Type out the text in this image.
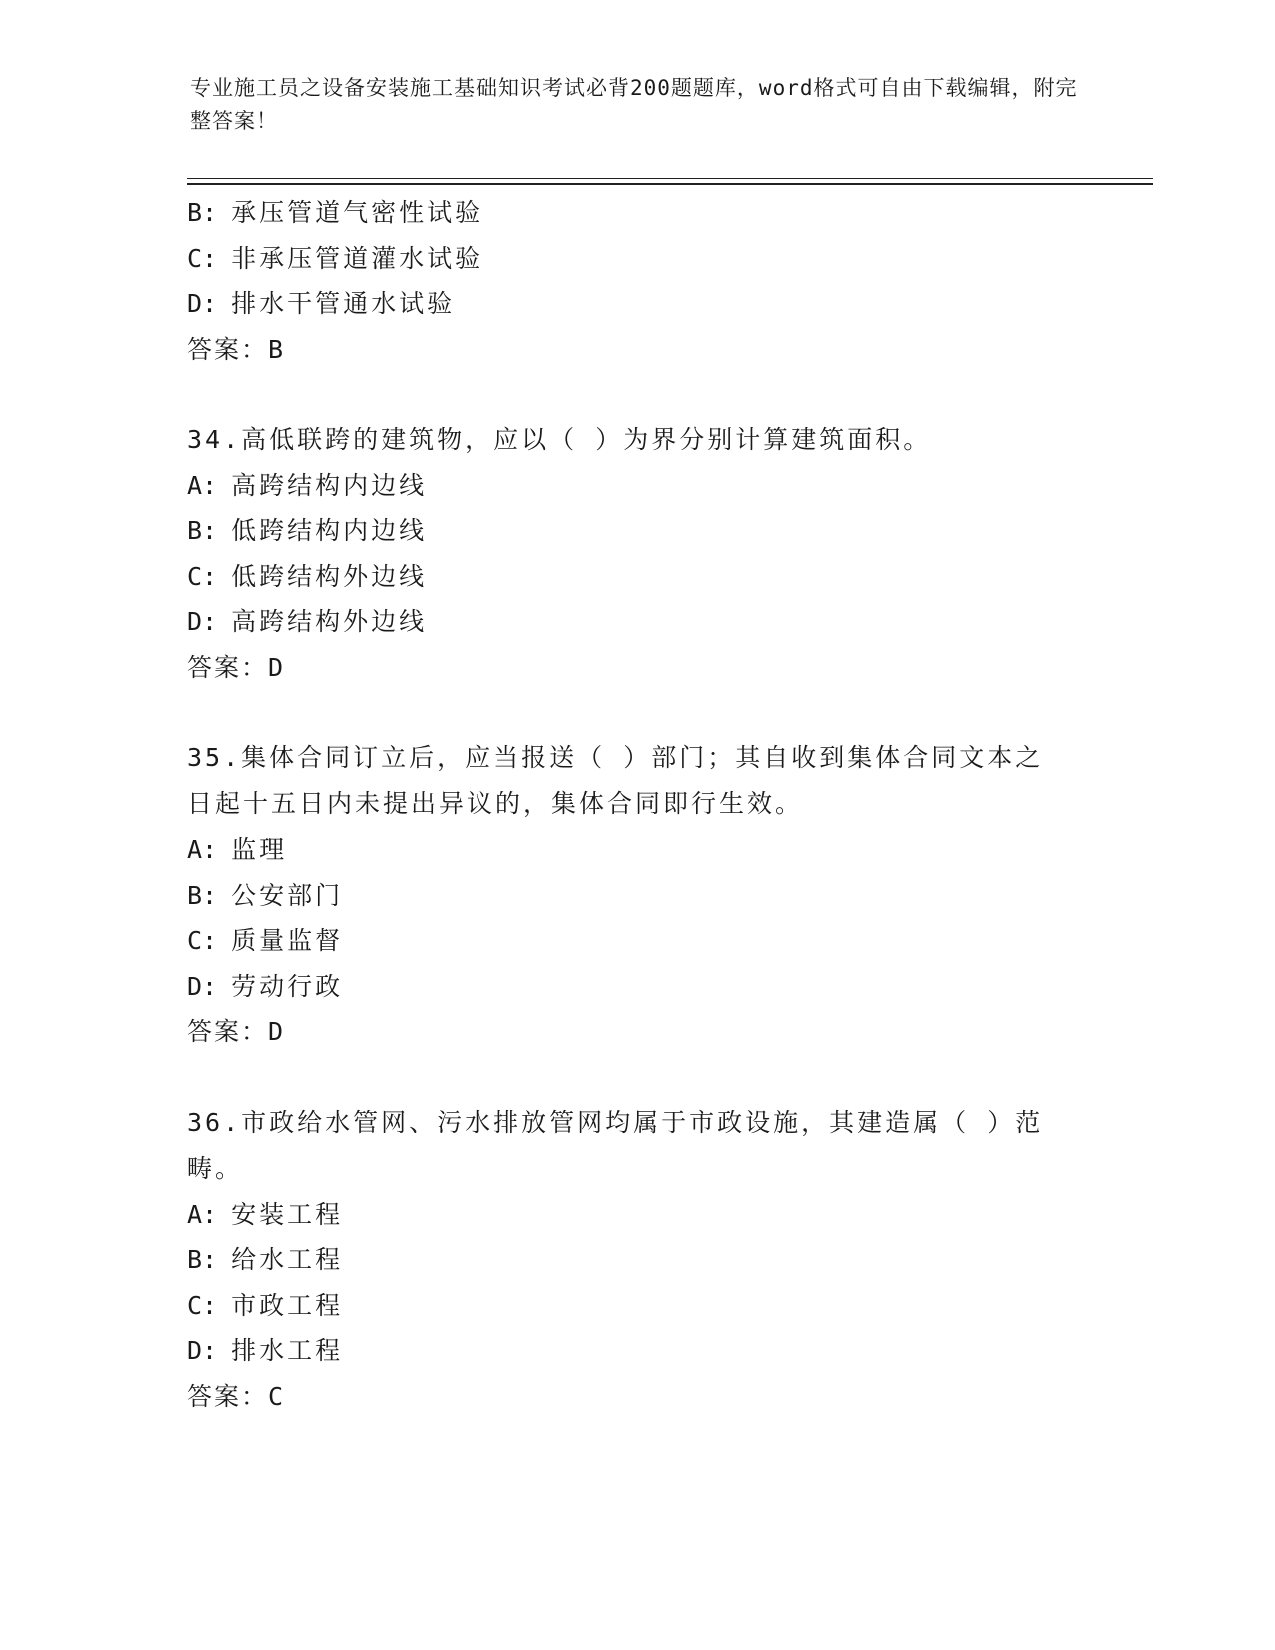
专业施工员之设备安装施工基础知识考试必背200题题库，word格式可自由下载编辑，附完整答案！
B: 承压管道气密性试验
C: 非承压管道灌水试验
D: 排水干管通水试验
答案：B
34.高低联跨的建筑物，应以（ ）为界分别计算建筑面积。
A: 高跨结构内边线
B: 低跨结构内边线
C: 低跨结构外边线
D: 高跨结构外边线
答案：D
35.集体合同订立后，应当报送（ ）部门；其自收到集体合同文本之日起十五日内未提出异议的，集体合同即行生效。
A: 监理
B: 公安部门
C: 质量监督
D: 劳动行政
答案：D
36.市政给水管网、污水排放管网均属于市政设施，其建造属（ ）范畴。
A: 安装工程
B: 给水工程
C: 市政工程
D: 排水工程
答案：C
